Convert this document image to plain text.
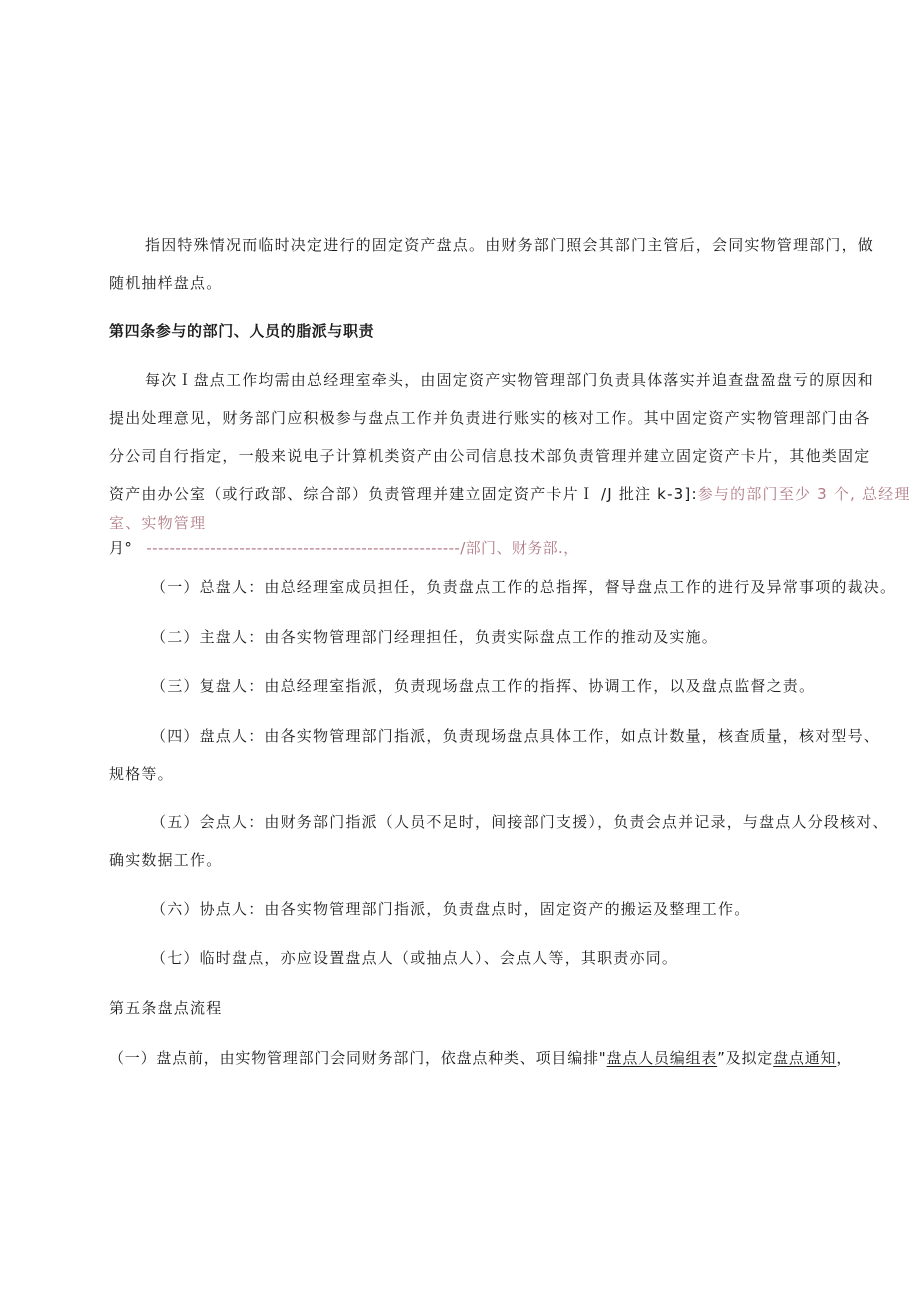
指因特殊情况而临时决定进行的固定资产盘点。由财务部门照会其部门主管后，会同实物管理部门，做
随机抽样盘点。
第四条参与的部门、人员的脂派与职责
每次Ｉ盘点工作均需由总经理室牵头，由固定资产实物管理部门负责具体落实并追查盘盈盘亏的原因和
提出处理意见，财务部门应积极参与盘点工作并负责进行账实的核对工作。其中固定资产实物管理部门由各
分公司自行指定，一般来说电子计算机类资产由公司信息技术部负责管理并建立固定资产卡片，其他类固定
资产由办公室（或行政部、综合部）负责管理并建立固定资产卡片Ｉ /J 批注 k-3]:参与的部门至少 3 个, 总经理
室、实物管理
月° ------------------------------------------------------/部门、财务部.，
（一）总盘人：由总经理室成员担任，负责盘点工作的总指挥，督导盘点工作的进行及异常事项的裁决。
（二）主盘人：由各实物管理部门经理担任，负责实际盘点工作的推动及实施。
（三）复盘人：由总经理室指派，负责现场盘点工作的指挥、协调工作，以及盘点监督之责。
（四）盘点人：由各实物管理部门指派，负责现场盘点具体工作，如点计数量，核查质量，核对型号、
规格等。
（五）会点人：由财务部门指派（人员不足时，间接部门支援），负责会点并记录，与盘点人分段核对、
确实数据工作。
（六）协点人：由各实物管理部门指派，负责盘点时，固定资产的搬运及整理工作。
（七）临时盘点，亦应设置盘点人（或抽点人）、会点人等，其职责亦同。
第五条盘点流程
（一）盘点前，由实物管理部门会同财务部门，依盘点种类、项目编排"盘点人员编组表”及拟定盘点通知，
